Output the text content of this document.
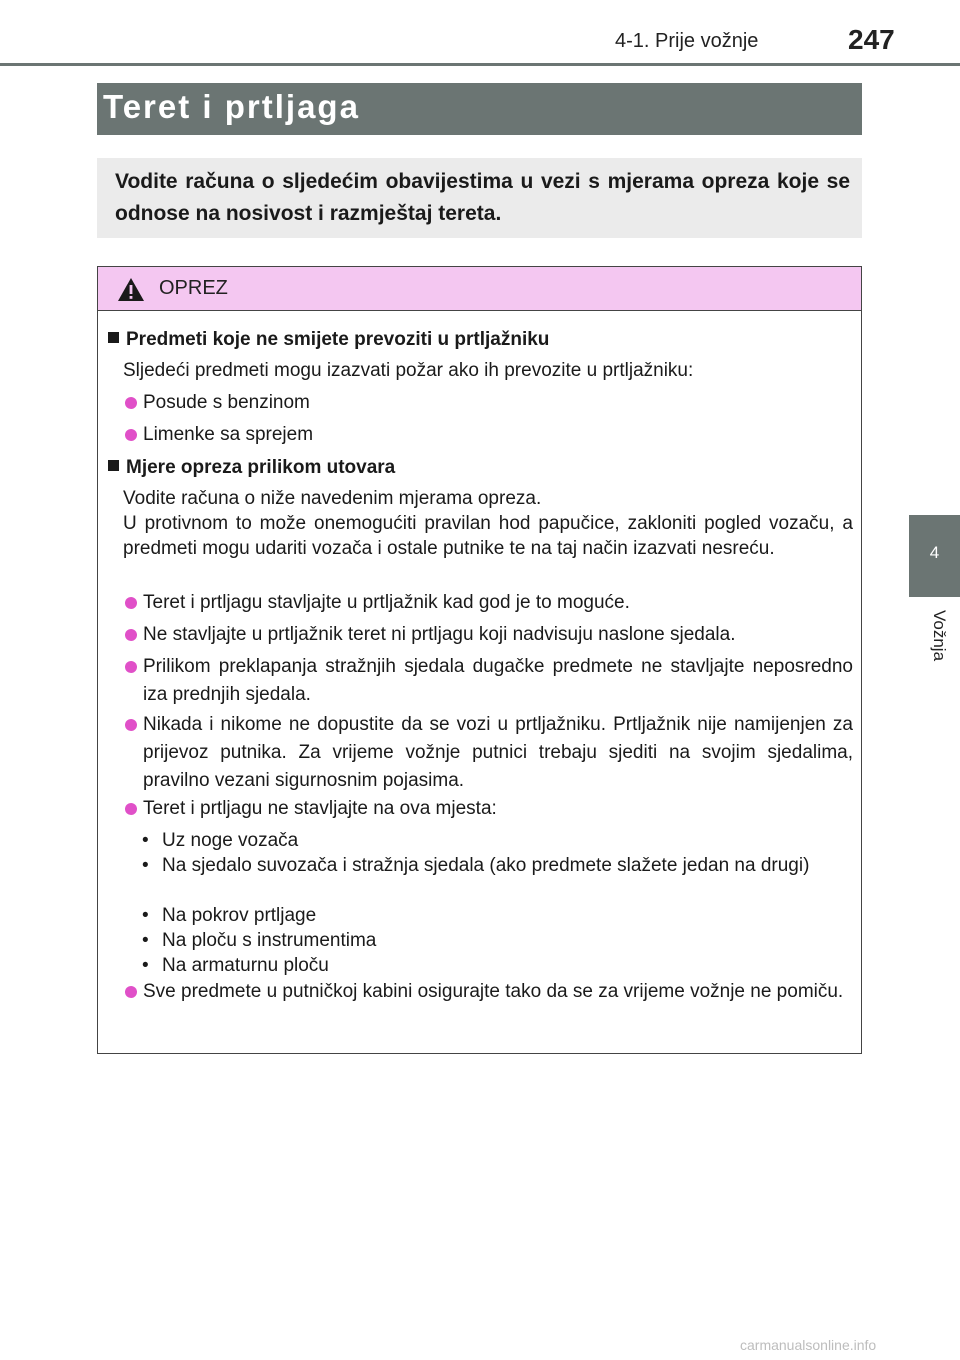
4-1. Prije vožnje	247
Teret i prtljaga
Vodite računa o sljedećim obavijestima u vezi s mjerama opreza koje se odnose na nosivost i razmještaj tereta.
4
Vožnja
OPREZ
Predmeti koje ne smijete prevoziti u prtljažniku
Sljedeći predmeti mogu izazvati požar ako ih prevozite u prtljažniku:
Posude s benzinom
Limenke sa sprejem
Mjere opreza prilikom utovara
Vodite računa o niže navedenim mjerama opreza.
U protivnom to može onemogućiti pravilan hod papučice, zakloniti pogled vozaču, a predmeti mogu udariti vozača i ostale putnike te na taj način izazvati nesreću.
Teret i prtljagu stavljajte u prtljažnik kad god je to moguće.
Ne stavljajte u prtljažnik teret ni prtljagu koji nadvisuju naslone sjedala.
Prilikom preklapanja stražnjih sjedala dugačke predmete ne stavljajte neposredno iza prednjih sjedala.
Nikada i nikome ne dopustite da se vozi u prtljažniku. Prtljažnik nije namijenjen za prijevoz putnika. Za vrijeme vožnje putnici trebaju sjediti na svojim sjedalima, pravilno vezani sigurnosnim pojasima.
Teret i prtljagu ne stavljajte na ova mjesta:
• Uz noge vozača
• Na sjedalo suvozača i stražnja sjedala (ako predmete slažete jedan na drugi)
• Na pokrov prtljage
• Na ploču s instrumentima
• Na armaturnu ploču
Sve predmete u putničkoj kabini osigurajte tako da se za vrijeme vožnje ne pomiču.
carmanualsonline.info
